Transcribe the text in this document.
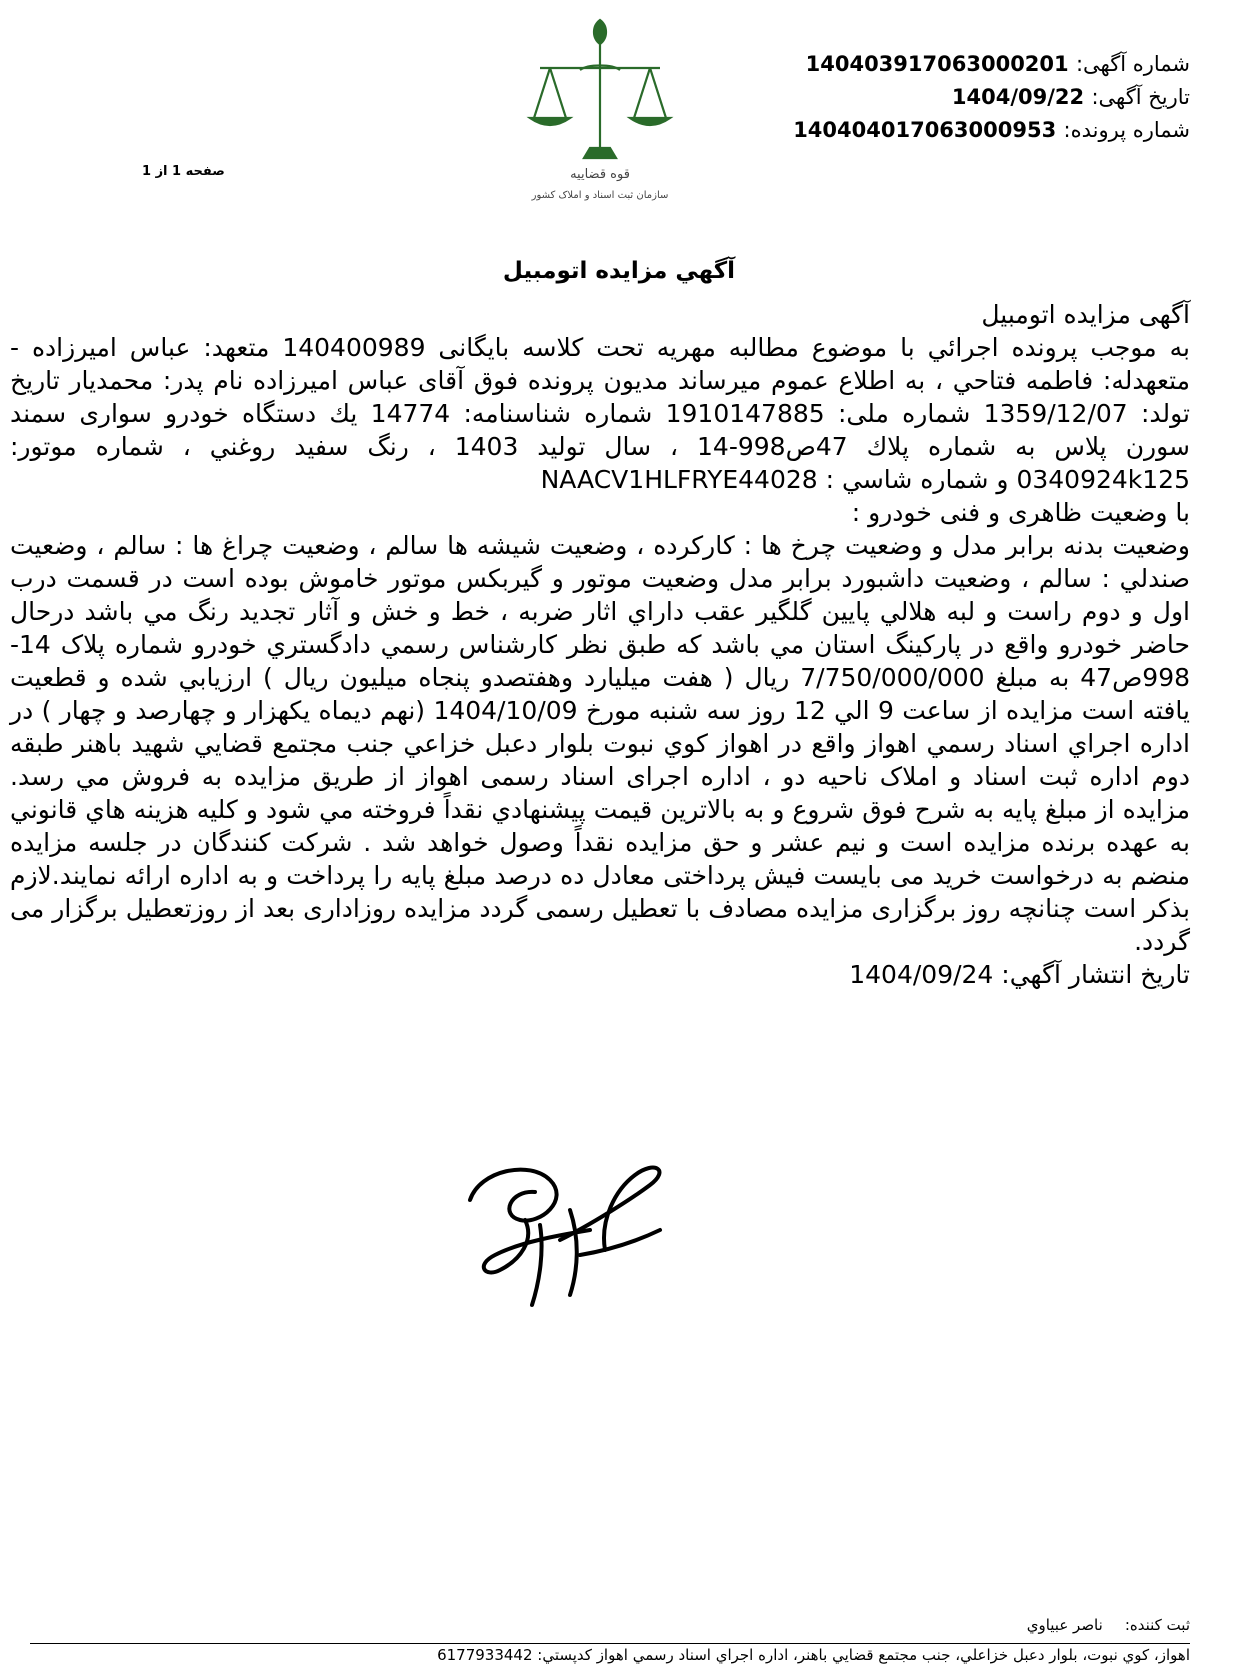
شماره آگهی: 140403917063000201
تاریخ آگهی: 1404/09/22
شماره پرونده: 140404017063000953
صفحه 1 از 1	قوه قضاییه
سازمان ثبت اسناد و املاک کشور
آگهي مزايده اتومبيل

آگهی مزایده اتومبیل

به موجب پرونده اجرائي با موضوع مطالبه مهریه تحت کلاسه بایگانی 140400989 متعهد: عباس امیرزاده - متعهدله: فاطمه فتاحي ، به اطلاع عموم میرساند مدیون پرونده فوق آقای عباس امیرزاده نام پدر: محمدیار تاریخ تولد: 1359/12/07 شماره ملی: 1910147885 شماره شناسنامه: 14774 يك دستگاه خودرو سواری سمند سورن پلاس به شماره پلاك 47ص998-14 ، سال توليد 1403 ، رنگ سفید روغني ، شماره موتور: 0340924k125 و شماره شاسي : NAACV1HLFRYE44028

با وضعیت ظاهری و فنی خودرو :

وضعیت بدنه برابر مدل و وضعیت چرخ ها : كاركرده ، وضعیت شیشه ها سالم ، وضعیت چراغ ها : سالم ، وضعیت صندلي : سالم ، وضعیت داشبورد برابر مدل وضعیت موتور و گیربكس موتور خاموش بوده است در قسمت درب اول و دوم راست و لبه هلالي پايين گلگير عقب داراي اثار ضربه ، خط و خش و آثار تجدید رنگ مي باشد درحال حاضر خودرو واقع در پاركينگ استان مي باشد كه طبق نظر كارشناس رسمي دادگستري خودرو شماره پلاک 14-998ص47 به مبلغ 7/750/000/000 ريال ( هفت ميليارد وهفتصدو پنجاه ميليون ريال ) ارزيابي شده و قطعيت يافته است مزايده از ساعت 9 الي 12 روز سه شنبه مورخ 1404/10/09 (نهم دیماه یکهزار و چهارصد و چهار ) در اداره اجراي اسناد رسمي اهواز واقع در اهواز كوي نبوت بلوار دعبل خزاعي جنب مجتمع قضايي شهيد باهنر طبقه دوم اداره ثبت اسناد و املاک ناحیه دو ، اداره اجرای اسناد رسمی اهواز از طريق مزايده به فروش مي رسد. مزايده از مبلغ پايه به شرح فوق شروع و به بالاترين قيمت پيشنهادي نقداً فروخته مي شود و كليه هزينه هاي قانوني به عهده برنده مزايده است و نيم عشر و حق مزايده نقداً وصول خواهد شد . شرکت کنندگان در جلسه مزایده منضم به درخواست خرید می بایست فیش پرداختی معادل ده درصد مبلغ پایه را پرداخت و به اداره ارائه نمایند.لازم بذکر است چنانچه روز برگزاری مزایده مصادف با تعطیل رسمی گردد مزایده روزاداری بعد از روزتعطیل برگزار می گردد.

تاريخ انتشار آگهي: 1404/09/24

ثبت كننده:ناصر عبياوي
اهواز، كوي نبوت، بلوار دعبل خزاعلي، جنب مجتمع قضايي باهنر، اداره اجراي اسناد رسمي اهواز كدپستي: 6177933442
